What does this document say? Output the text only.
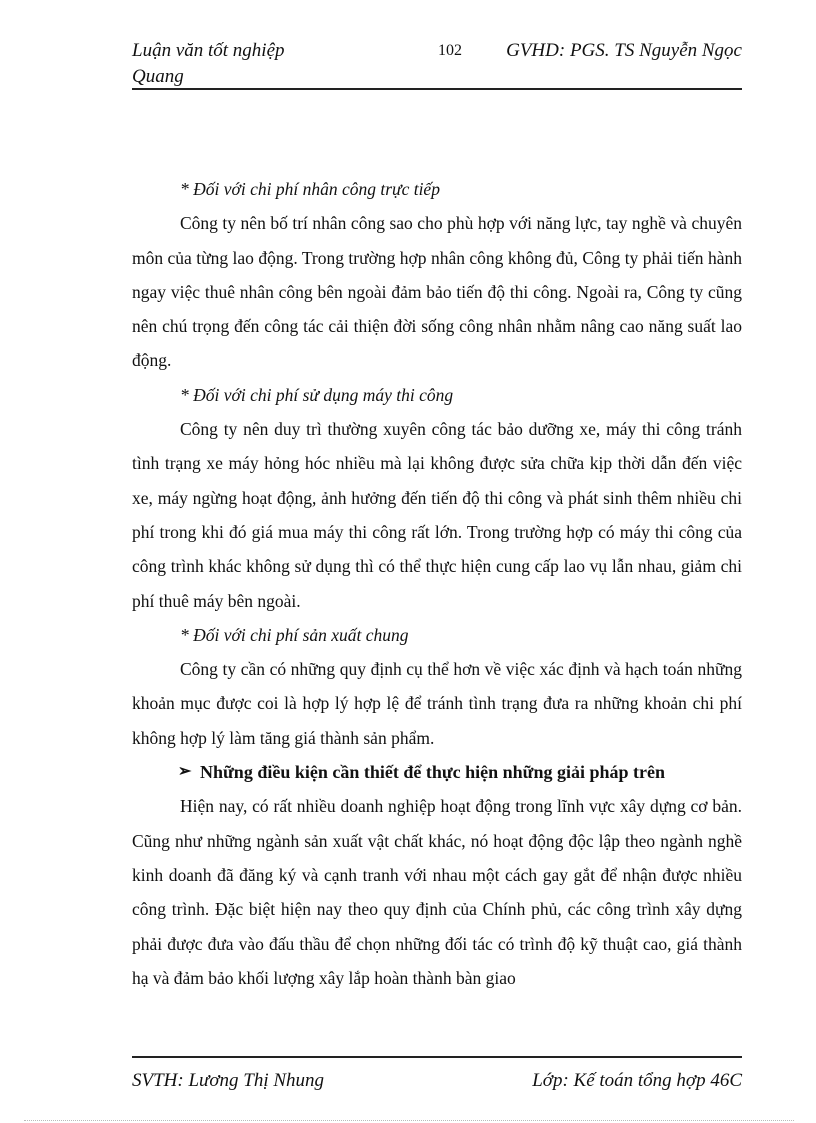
Luận văn tốt nghiệp
Quang
102 GVHD: PGS. TS Nguyễn Ngọc

* Đối với chi phí nhân công trực tiếp

Công ty nên bố trí nhân công sao cho phù hợp với năng lực, tay nghề và chuyên môn của từng lao động. Trong trường hợp nhân công không đủ, Công ty phải tiến hành ngay việc thuê nhân công bên ngoài đảm bảo tiến độ thi công. Ngoài ra, Công ty cũng nên chú trọng đến công tác cải thiện đời sống công nhân nhằm nâng cao năng suất lao động.

* Đối với chi phí sử dụng máy thi công

Công ty nên duy trì thường xuyên công tác bảo dưỡng xe, máy thi công tránh tình trạng xe máy hỏng hóc nhiều mà lại không được sửa chữa kịp thời dẫn đến việc xe, máy ngừng hoạt động, ảnh hưởng đến tiến độ thi công và phát sinh thêm nhiều chi phí trong khi đó giá mua máy thi công rất lớn. Trong trường hợp có máy thi công của công trình khác không sử dụng thì có thể thực hiện cung cấp lao vụ lẫn nhau, giảm chi phí thuê máy bên ngoài.

* Đối với chi phí sản xuất chung

Công ty cần có những quy định cụ thể hơn về việc xác định và hạch toán những khoản mục được coi là hợp lý hợp lệ để tránh tình trạng đưa ra những khoản chi phí không hợp lý làm tăng giá thành sản phẩm.

➢ Những điều kiện cần thiết để thực hiện những giải pháp trên

Hiện nay, có rất nhiều doanh nghiệp hoạt động trong lĩnh vực xây dựng cơ bản. Cũng như những ngành sản xuất vật chất khác, nó hoạt động độc lập theo ngành nghề kinh doanh đã đăng ký và cạnh tranh với nhau một cách gay gắt để nhận được nhiều công trình. Đặc biệt hiện nay theo quy định của Chính phủ, các công trình xây dựng phải được đưa vào đấu thầu để chọn những đối tác có trình độ kỹ thuật cao, giá thành hạ và đảm bảo khối lượng xây lắp hoàn thành bàn giao

SVTH: Lương Thị Nhung	Lớp: Kế toán tổng hợp 46C
